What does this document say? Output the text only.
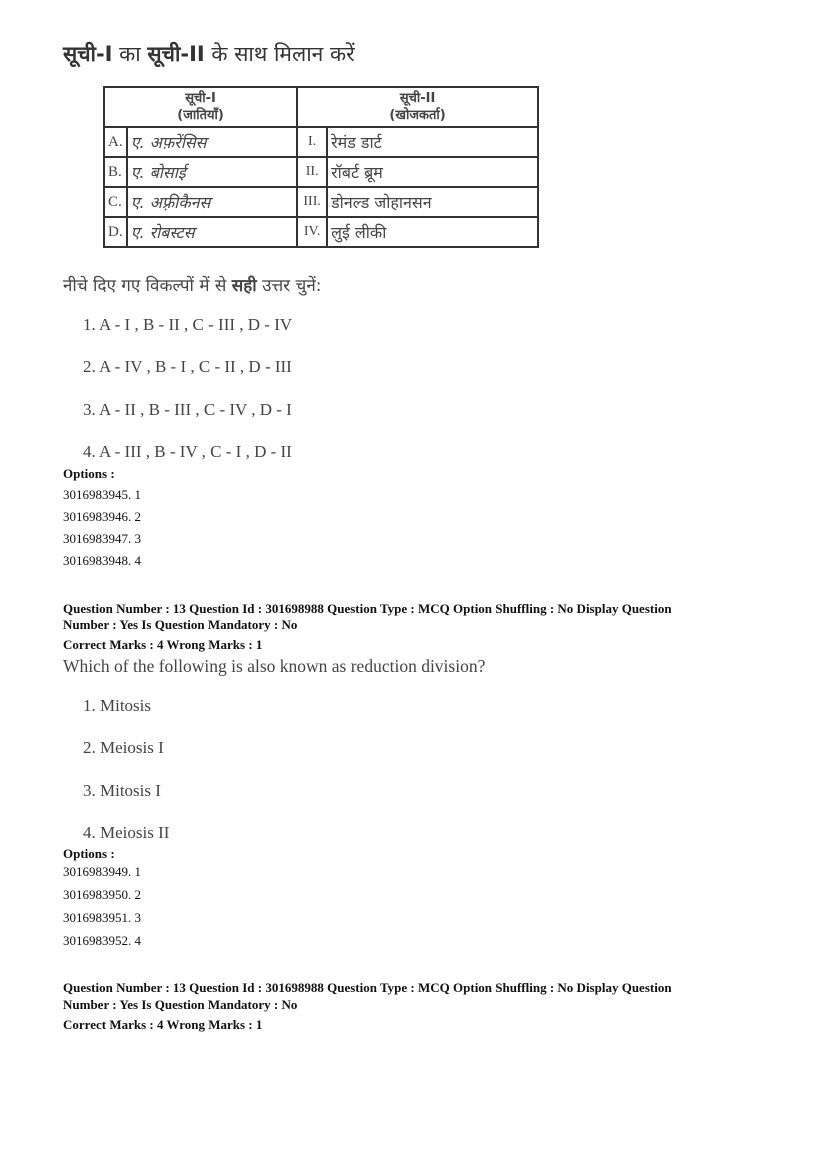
सूची-I का सूची-II के साथ मिलान करें
सूची-I
(जातियाँ)		सूची-II
(खोजकर्ता)	
A.	ए. अफ़रेंसिस	I.	रेमंड डार्ट
B.	ए. बोसाई	II.	रॉबर्ट ब्रूम
C.	ए. अफ़्रीकैनस	III.	डोनल्ड जोहानसन
D.	ए. रोबस्टस	IV.	लुई लीकी
नीचे दिए गए विकल्पों में से सही उत्तर चुनें:
1. A - I , B - II , C - III , D - IV
2. A - IV , B - I , C - II , D - III
3. A - II , B - III , C - IV , D - I
4. A - III , B - IV , C - I , D - II
Options :
3016983945. 1
3016983946. 2
3016983947. 3
3016983948. 4
Question Number : 13 Question Id : 301698988 Question Type : MCQ Option Shuffling : No Display Question
Number : Yes Is Question Mandatory : No
Correct Marks : 4 Wrong Marks : 1
Which of the following is also known as reduction division?
1. Mitosis
2. Meiosis I
3. Mitosis I
4. Meiosis II
Options :
3016983949. 1
3016983950. 2
3016983951. 3
3016983952. 4
Question Number : 13 Question Id : 301698988 Question Type : MCQ Option Shuffling : No Display Question
Number : Yes Is Question Mandatory : No
Correct Marks : 4 Wrong Marks : 1
